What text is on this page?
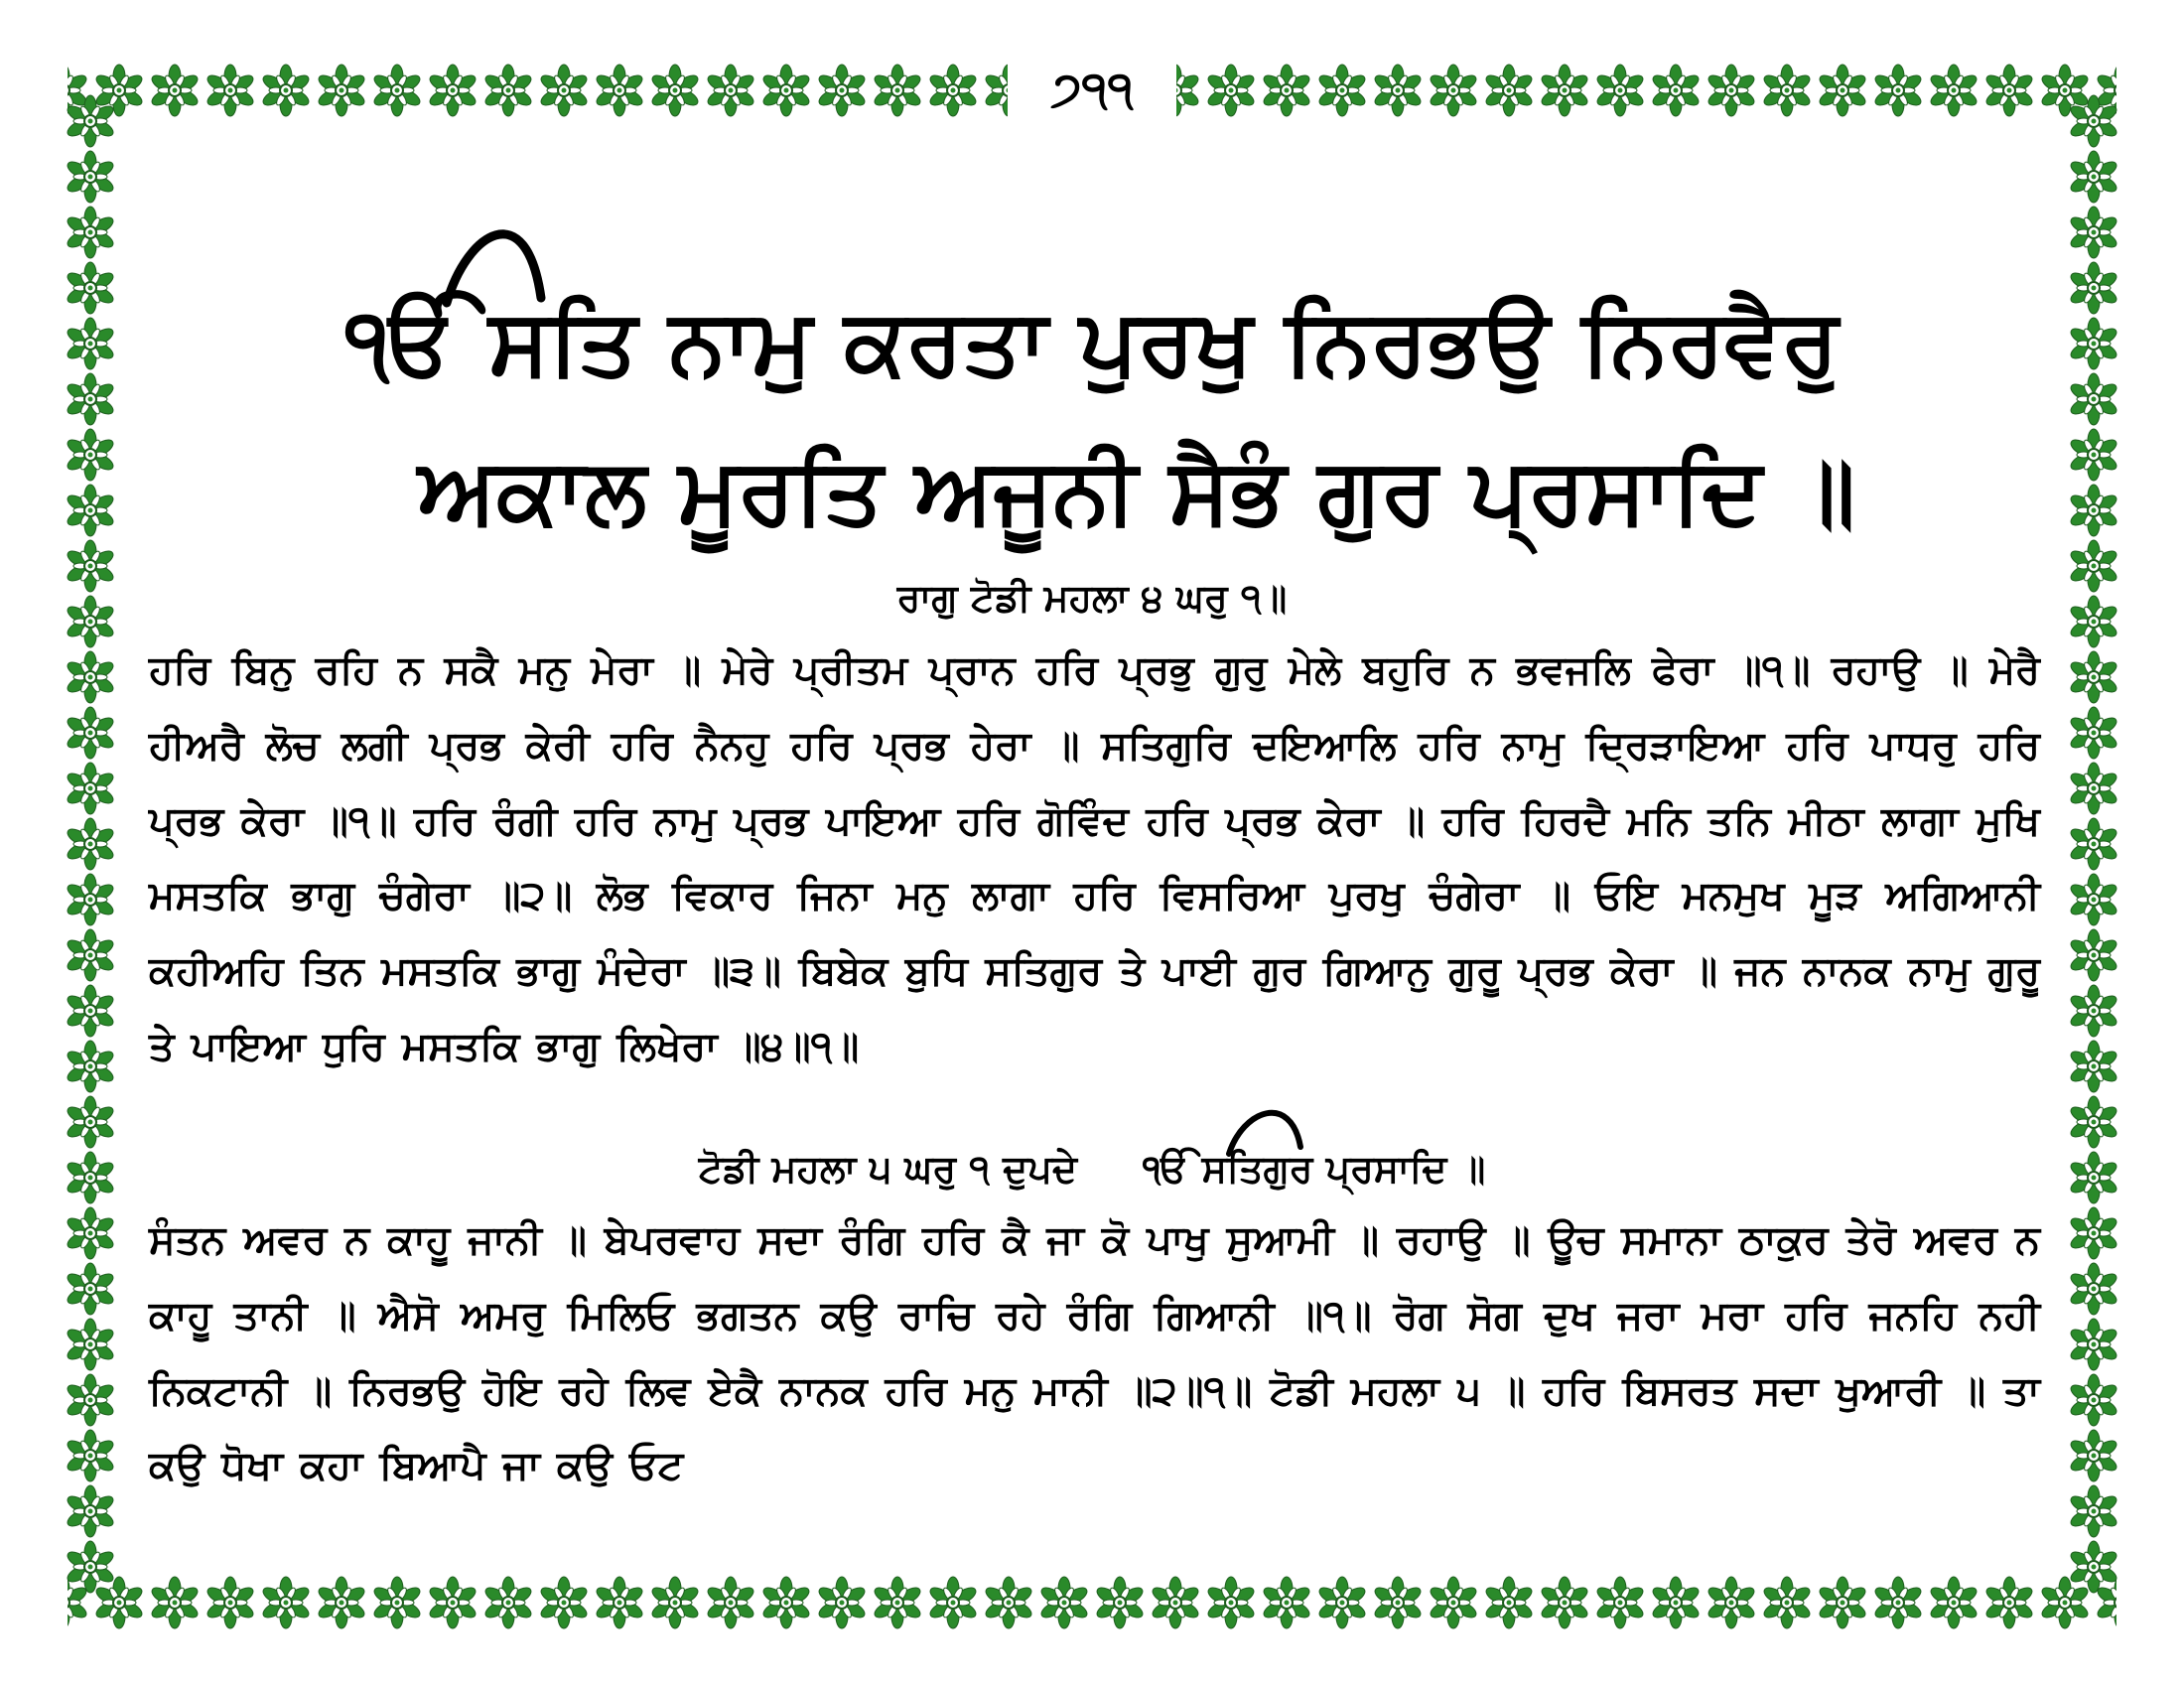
੭੧੧
ੴ ਸਤਿ ਨਾਮੁ ਕਰਤਾ ਪੁਰਖੁ ਨਿਰਭਉ ਨਿਰਵੈਰੁ
ਅਕਾਲ ਮੂਰਤਿ ਅਜੂਨੀ ਸੈਭੰ ਗੁਰ ਪ੍ਰਸਾਦਿ ॥
ਰਾਗੁ ਟੋਡੀ ਮਹਲਾ ੪ ਘਰੁ ੧॥
ਹਰਿ ਬਿਨੁ ਰਹਿ ਨ ਸਕੈ ਮਨੁ ਮੇਰਾ ॥ ਮੇਰੇ ਪ੍ਰੀਤਮ ਪ੍ਰਾਨ ਹਰਿ ਪ੍ਰਭੁ ਗੁਰੁ ਮੇਲੇ ਬਹੁਰਿ ਨ ਭਵਜਲਿ ਫੇਰਾ ॥੧॥ ਰਹਾਉ ॥ ਮੇਰੈ ਹੀਅਰੈ ਲੋਚ ਲਗੀ ਪ੍ਰਭ ਕੇਰੀ ਹਰਿ ਨੈਨਹੁ ਹਰਿ ਪ੍ਰਭ ਹੇਰਾ ॥ ਸਤਿਗੁਰਿ ਦਇਆਲਿ ਹਰਿ ਨਾਮੁ ਦ੍ਰਿੜਾਇਆ ਹਰਿ ਪਾਧਰੁ ਹਰਿ ਪ੍ਰਭ ਕੇਰਾ ॥੧॥ ਹਰਿ ਰੰਗੀ ਹਰਿ ਨਾਮੁ ਪ੍ਰਭ ਪਾਇਆ ਹਰਿ ਗੋਵਿੰਦ ਹਰਿ ਪ੍ਰਭ ਕੇਰਾ ॥ ਹਰਿ ਹਿਰਦੈ ਮਨਿ ਤਨਿ ਮੀਠਾ ਲਾਗਾ ਮੁਖਿ ਮਸਤਕਿ ਭਾਗੁ ਚੰਗੇਰਾ ॥੨॥ ਲੋਭ ਵਿਕਾਰ ਜਿਨਾ ਮਨੁ ਲਾਗਾ ਹਰਿ ਵਿਸਰਿਆ ਪੁਰਖੁ ਚੰਗੇਰਾ ॥ ਓਇ ਮਨਮੁਖ ਮੂੜ ਅਗਿਆਨੀ ਕਹੀਅਹਿ ਤਿਨ ਮਸਤਕਿ ਭਾਗੁ ਮੰਦੇਰਾ ॥੩॥ ਬਿਬੇਕ ਬੁਧਿ ਸਤਿਗੁਰ ਤੇ ਪਾਈ ਗੁਰ ਗਿਆਨੁ ਗੁਰੂ ਪ੍ਰਭ ਕੇਰਾ ॥ ਜਨ ਨਾਨਕ ਨਾਮੁ ਗੁਰੂ ਤੇ ਪਾਇਆ ਧੁਰਿ ਮਸਤਕਿ ਭਾਗੁ ਲਿਖੇਰਾ ॥੪॥੧॥
ਟੋਡੀ ਮਹਲਾ ੫ ਘਰੁ ੧ ਦੁਪਦੇ     ੴ ਸਤਿਗੁਰ ਪ੍ਰਸਾਦਿ ॥
ਸੰਤਨ ਅਵਰ ਨ ਕਾਹੂ ਜਾਨੀ ॥ ਬੇਪਰਵਾਹ ਸਦਾ ਰੰਗਿ ਹਰਿ ਕੈ ਜਾ ਕੋ ਪਾਖੁ ਸੁਆਮੀ ॥ ਰਹਾਉ ॥ ਊਚ ਸਮਾਨਾ ਠਾਕੁਰ ਤੇਰੋ ਅਵਰ ਨ ਕਾਹੂ ਤਾਨੀ ॥ ਐਸੋ ਅਮਰੁ ਮਿਲਿਓ ਭਗਤਨ ਕਉ ਰਾਚਿ ਰਹੇ ਰੰਗਿ ਗਿਆਨੀ ॥੧॥ ਰੋਗ ਸੋਗ ਦੁਖ ਜਰਾ ਮਰਾ ਹਰਿ ਜਨਹਿ ਨਹੀ ਨਿਕਟਾਨੀ ॥ ਨਿਰਭਉ ਹੋਇ ਰਹੇ ਲਿਵ ਏਕੈ ਨਾਨਕ ਹਰਿ ਮਨੁ ਮਾਨੀ ॥੨॥੧॥ ਟੋਡੀ ਮਹਲਾ ੫ ॥ ਹਰਿ ਬਿਸਰਤ ਸਦਾ ਖੁਆਰੀ ॥ ਤਾ ਕਉ ਧੋਖਾ ਕਹਾ ਬਿਆਪੈ ਜਾ ਕਉ ਓਟ
